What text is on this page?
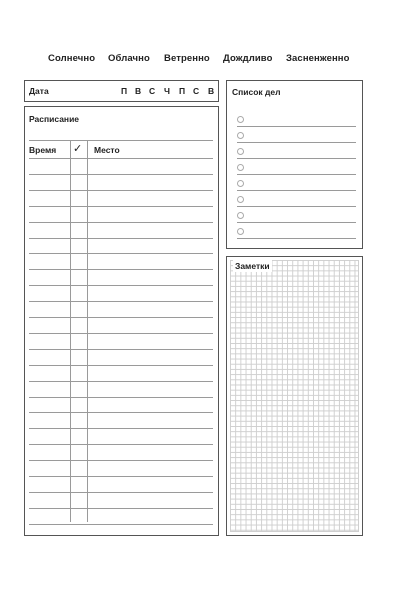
Солнечно Облачно Ветренно Дождливо Засненженно
Дата	П В С Ч П С В
Расписание
Время ✓ Место
Список дел
Заметки
